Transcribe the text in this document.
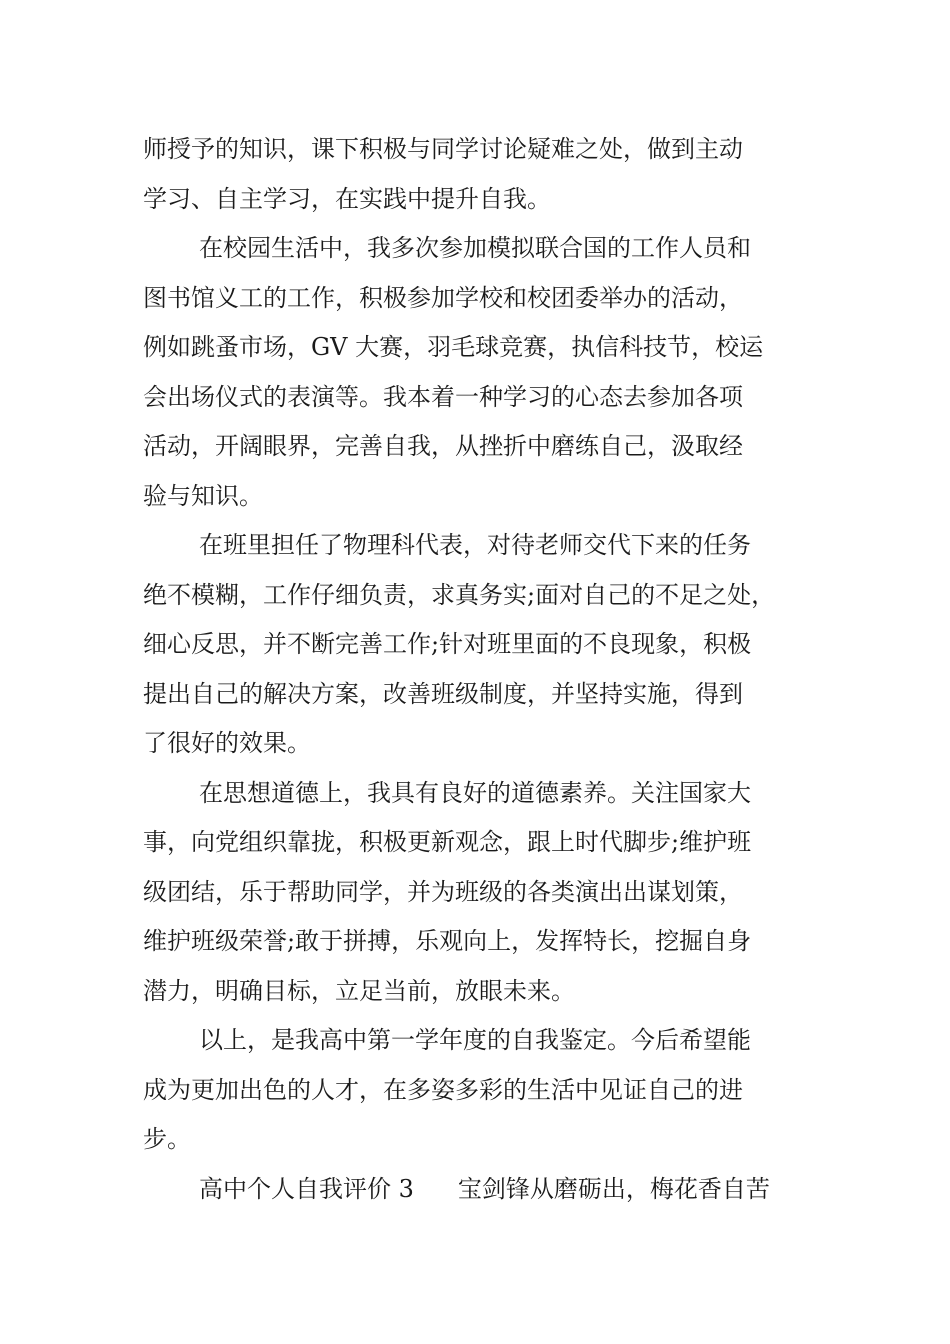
师授予的知识，课下积极与同学讨论疑难之处，做到主动
学习、自主学习，在实践中提升自我。
在校园生活中，我多次参加模拟联合国的工作人员和
图书馆义工的工作，积极参加学校和校团委举办的活动，
例如跳蚤市场，GV 大赛，羽毛球竞赛，执信科技节，校运
会出场仪式的表演等。我本着一种学习的心态去参加各项
活动，开阔眼界，完善自我，从挫折中磨练自己，汲取经
验与知识。
在班里担任了物理科代表，对待老师交代下来的任务
绝不模糊，工作仔细负责，求真务实;面对自己的不足之处，
细心反思，并不断完善工作;针对班里面的不良现象，积极
提出自己的解决方案，改善班级制度，并坚持实施，得到
了很好的效果。
在思想道德上，我具有良好的道德素养。关注国家大
事，向党组织靠拢，积极更新观念，跟上时代脚步;维护班
级团结，乐于帮助同学，并为班级的各类演出出谋划策，
维护班级荣誉;敢于拼搏，乐观向上，发挥特长，挖掘自身
潜力，明确目标，立足当前，放眼未来。
以上，是我高中第一学年度的自我鉴定。今后希望能
成为更加出色的人才，在多姿多彩的生活中见证自己的进
步。
高中个人自我评价 3 宝剑锋从磨砺出，梅花香自苦
